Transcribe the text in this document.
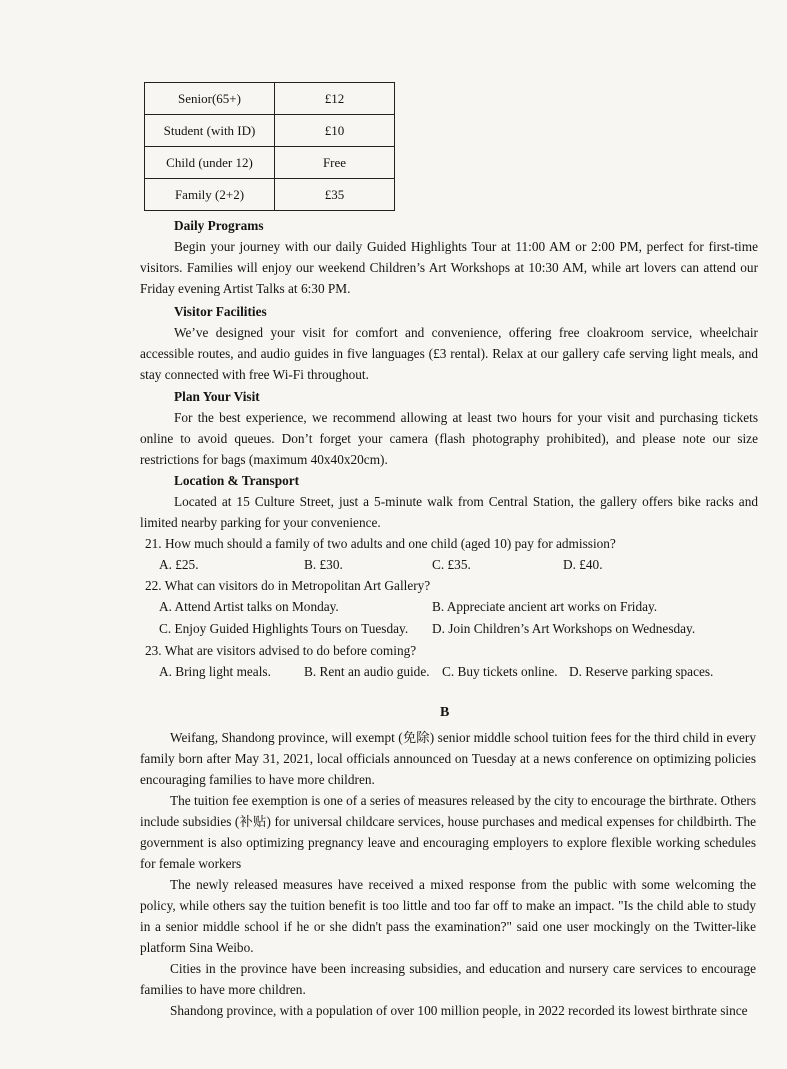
Senior(65+)	£12
Student (with ID)	£10
Child (under 12)	Free
Family (2+2)	£35
Daily Programs

Begin your journey with our daily Guided Highlights Tour at 11:00 AM or 2:00 PM, perfect for first-time visitors. Families will enjoy our weekend Children’s Art Workshops at 10:30 AM, while art lovers can attend our Friday evening Artist Talks at 6:30 PM.

Visitor Facilities

We’ve designed your visit for comfort and convenience, offering free cloakroom service, wheelchair accessible routes, and audio guides in five languages (£3 rental). Relax at our gallery cafe serving light meals, and stay connected with free Wi-Fi throughout.

Plan Your Visit

For the best experience, we recommend allowing at least two hours for your visit and purchasing tickets online to avoid queues. Don’t forget your camera (flash photography prohibited), and please note our size restrictions for bags (maximum 40x40x20cm).

Location & Transport

Located at 15 Culture Street, just a 5-minute walk from Central Station, the gallery offers bike racks and limited nearby parking for your convenience.

21. How much should a family of two adults and one child (aged 10) pay for admission?
A. £25.	B. £30.	C. £35.	D. £40.
22. What can visitors do in Metropolitan Art Gallery?
A. Attend Artist talks on Monday.	B. Appreciate ancient art works on Friday.
C. Enjoy Guided Highlights Tours on Tuesday. D. Join Children’s Art Workshops on Wednesday.
23. What are visitors advised to do before coming?
A. Bring light meals. B. Rent an audio guide. C. Buy tickets online. D. Reserve parking spaces.
B

Weifang, Shandong province, will exempt (免除) senior middle school tuition fees for the third child in every family born after May 31, 2021, local officials announced on Tuesday at a news conference on optimizing policies encouraging families to have more children.

The tuition fee exemption is one of a series of measures released by the city to encourage the birthrate. Others include subsidies (补贴) for universal childcare services, house purchases and medical expenses for childbirth. The government is also optimizing pregnancy leave and encouraging employers to explore flexible working schedules for female workers

The newly released measures have received a mixed response from the public with some welcoming the policy, while others say the tuition benefit is too little and too far off to make an impact. "Is the child able to study in a senior middle school if he or she didn't pass the examination?" said one user mockingly on the Twitter-like platform Sina Weibo.

Cities in the province have been increasing subsidies, and education and nursery care services to encourage families to have more children.

Shandong province, with a population of over 100 million people, in 2022 recorded its lowest birthrate since
